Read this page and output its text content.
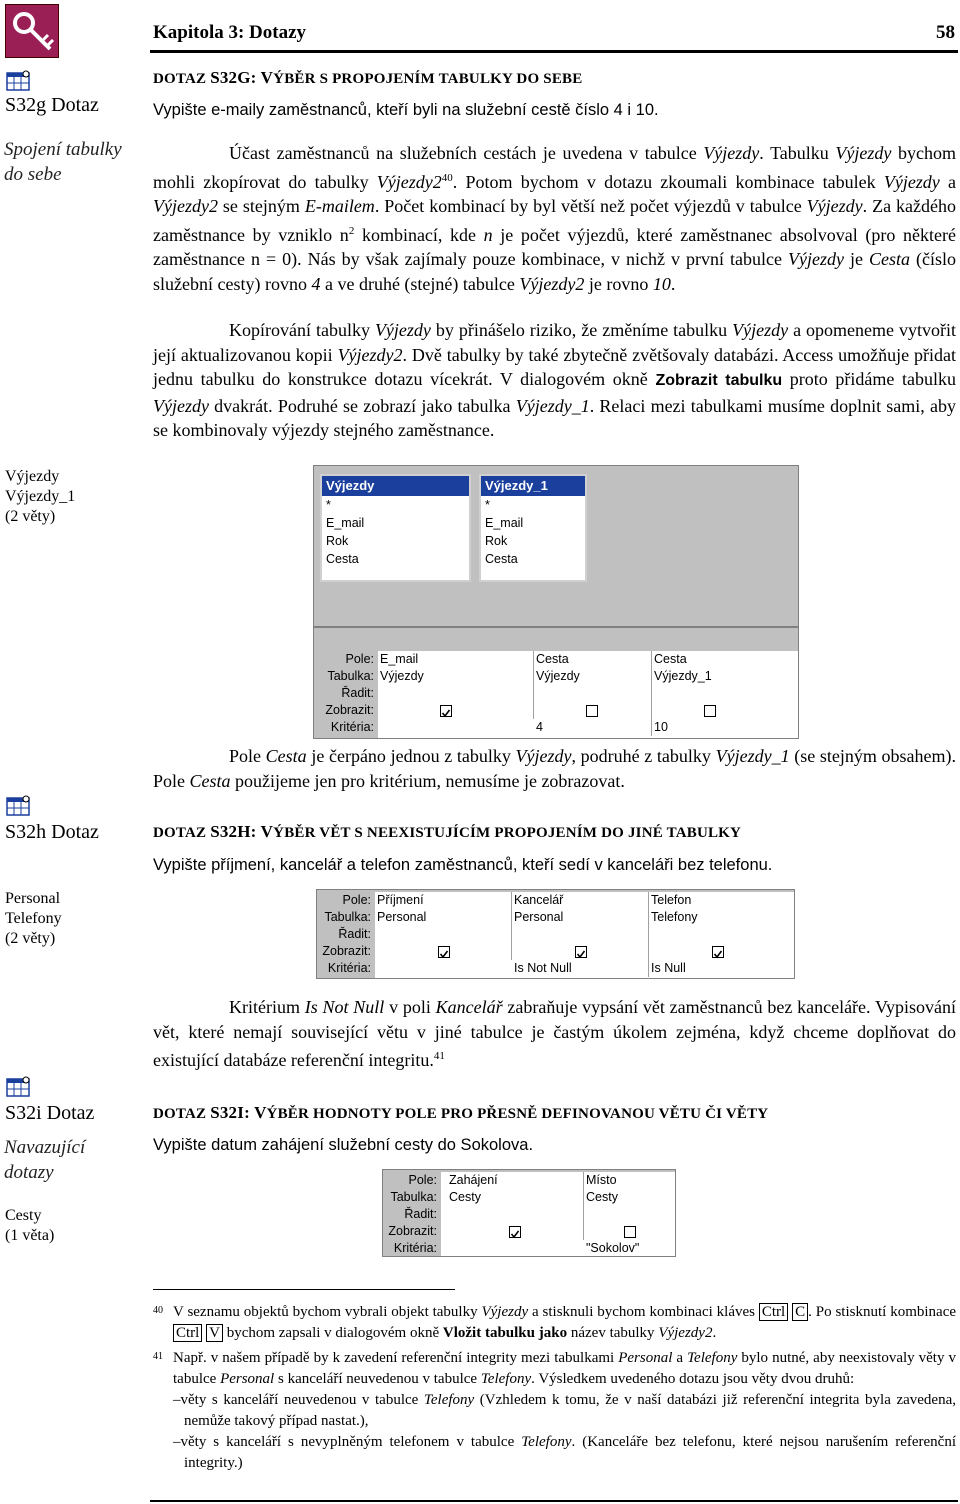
Kapitola 3: Dotazy	58
S32g Dotaz
Spojení tabulky
do sebe
Výjezdy
Výjezdy_1
(2 věty)
S32h Dotaz
Personal
Telefony
(2 věty)
S32i Dotaz
Navazující
dotazy
Cesty
(1 věta)
DOTAZ S32G: VÝBĚR S PROPOJENÍM TABULKY DO SEBE
Vypište e-maily zaměstnanců, kteří byli na služební cestě číslo 4 i 10.
Účast zaměstnanců na služebních cestách je uvedena v tabulce Výjezdy. Tabulku Výjezdy bychom mohli zkopírovat do tabulky $Výjezdy2^{40}$. Potom bychom v dotazu zkoumali kombinace tabulek Výjezdy a Výjezdy2 se stejným E-mailem. Počet kombinací by byl větší než počet výjezdů v tabulce Výjezdy. Za každého zaměstnance by vzniklo $n^2$ kombinací, kde n je počet výjezdů, které zaměstnanec absolvoval (pro některé zaměstnance n = 0). Nás by však zajímaly pouze kombinace, v nichž v první tabulce Výjezdy je Cesta (číslo služební cesty) rovno 4 a ve druhé (stejné) tabulce Výjezdy2 je rovno 10.
Kopírování tabulky Výjezdy by přinášelo riziko, že změníme tabulku Výjezdy a opomeneme vytvořit její aktualizovanou kopii Výjezdy2. Dvě tabulky by také zbytečně zvětšovaly databázi. Access umožňuje přidat jednu tabulku do konstrukce dotazu vícekrát. V dialogovém okně Zobrazit tabulku proto přidáme tabulku Výjezdy dvakrát. Podruhé se zobrazí jako tabulka Výjezdy_1. Relaci mezi tabulkami musíme doplnit sami, aby se kombinovaly výjezdy stejného zaměstnance.
Výjezdy
*
E_mail
Rok
Cesta
Výjezdy_1
*
E_mail
Rok
Cesta
Pole:
Tabulka:
Řadit:
Zobrazit:
Kritéria:
E_mail
Výjezdy

Cesta
Výjezdy

4
Cesta
Výjezdy_1

10
Pole Cesta je čerpáno jednou z tabulky Výjezdy, podruhé z tabulky Výjezdy_1 (se stejným obsahem). Pole Cesta použijeme jen pro kritérium, nemusíme je zobrazovat.
DOTAZ S32H: VÝBĚR VĚT S NEEXISTUJÍCÍM PROPOJENÍM DO JINÉ TABULKY
Vypište příjmení, kancelář a telefon zaměstnanců, kteří sedí v kanceláři bez telefonu.
Pole:
Tabulka:
Řadit:
Zobrazit:
Kritéria:
Příjmení
Personal

Kancelář
Personal

Is Not Null
Telefon
Telefony

Is Null
Kritérium Is Not Null v poli Kancelář zabraňuje vypsání vět zaměstnanců bez kanceláře. Vypisování vět, které nemají související větu v jiné tabulce je častým úkolem zejména, když chceme doplňovat do existující databáze referenční integritu.$^{41}$
DOTAZ S32I: VÝBĚR HODNOTY POLE PRO PŘESNĚ DEFINOVANOU VĚTU ČI VĚTY
Vypište datum zahájení služební cesty do Sokolova.
Pole:
Tabulka:
Řadit:
Zobrazit:
Kritéria:
Zahájení
Cesty

Místo
Cesty

"Sokolov"
40 V seznamu objektů bychom vybrali objekt tabulky Výjezdy a stisknuli bychom kombinaci kláves Ctrl C . Po stisknutí kombinace Ctrl V bychom zapsali v dialogovém okně Vložit tabulku jako název tabulky Výjezdy2.
41 Např. v našem případě by k zavedení referenční integrity mezi tabulkami Personal a Telefony bylo nutné, aby neexistovaly věty v tabulce Personal s kanceláří neuvedenou v tabulce Telefony. Výsledkem uvedeného dotazu jsou věty dvou druhů:
–věty s kanceláří neuvedenou v tabulce Telefony (Vzhledem k tomu, že v naší databázi již referenční integrita byla zavedena, nemůže takový případ nastat.),
–věty s kanceláří s nevyplněným telefonem v tabulce Telefony. (Kanceláře bez telefonu, které nejsou narušením referenční integrity.)
